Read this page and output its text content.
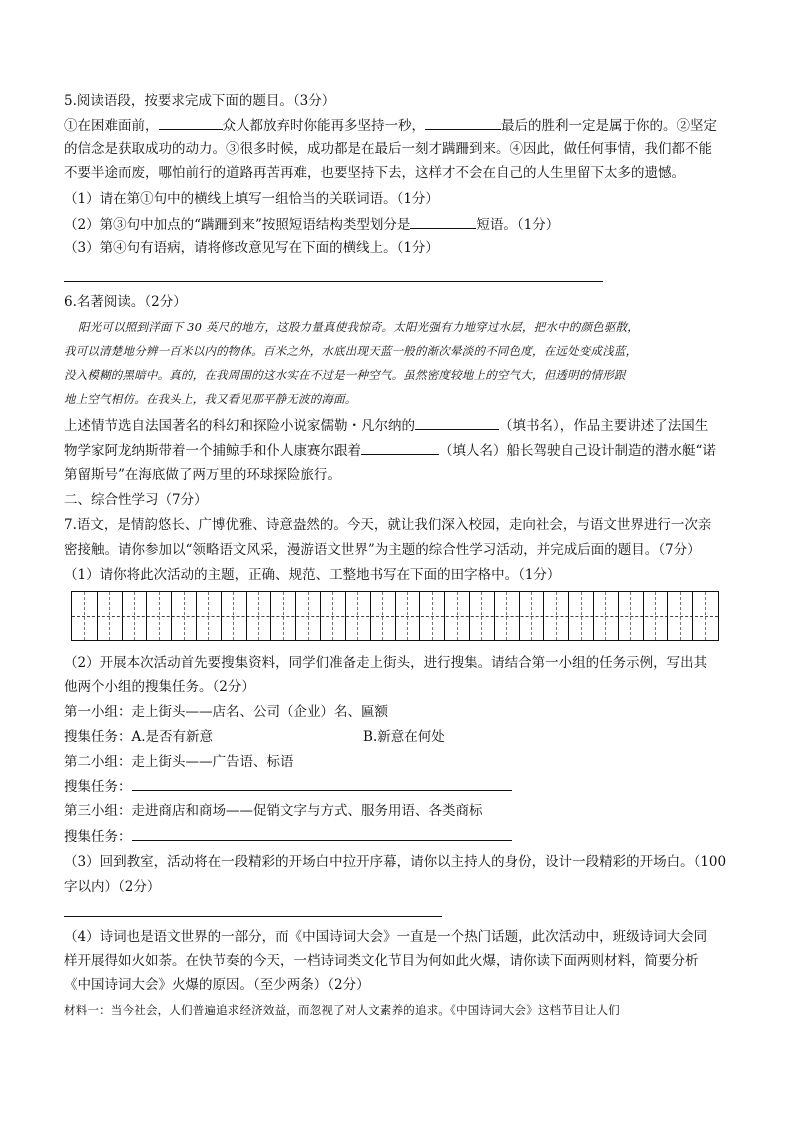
5.阅读语段，按要求完成下面的题目。（3分）
①在困难面前，	众人都放弃时你能再多坚持一秒，	最后的胜利一定是属于你的。②坚定
的信念是获取成功的动力。③很多时候，成功都是在最后一刻才蹒跚到来。④因此，做任何事情，我们都不能
不要半途而废，哪怕前行的道路再苦再难，也要坚持下去，这样才不会在自己的人生里留下太多的遗憾。
（1）请在第①句中的横线上填写一组恰当的关联词语。（1分）
（2）第③句中加点的“蹒跚到来”按照短语结构类型划分是	短语。（1分）
（3）第④句有语病，请将修改意见写在下面的横线上。（1分）
6.名著阅读。（2分）
阳光可以照到洋面下 30 英尺的地方，这股力量真使我惊奇。太阳光强有力地穿过水层，把水中的颜色驱散，
我可以清楚地分辨一百米以内的物体。百米之外，水底出现天蓝一般的渐次晕淡的不同色度，在远处变成浅蓝，
没入模糊的黑暗中。真的，在我周围的这水实在不过是一种空气。虽然密度较地上的空气大，但透明的情形跟
地上空气相仿。在我头上，我又看见那平静无波的海面。
上述情节选自法国著名的科幻和探险小说家儒勒・凡尔纳的	（填书名），作品主要讲述了法国生
物学家阿龙纳斯带着一个捕鲸手和仆人康赛尔跟着	（填人名）船长驾驶自己设计制造的潜水艇“诺
第留斯号”在海底做了两万里的环球探险旅行。
二、综合性学习（7分）
7.语文，是情韵悠长、广博优雅、诗意盎然的。今天，就让我们深入校园，走向社会，与语文世界进行一次亲
密接触。请你参加以“领略语文风采，漫游语文世界”为主题的综合性学习活动，并完成后面的题目。（7分）
（1）请你将此次活动的主题，正确、规范、工整地书写在下面的田字格中。（1分）
（2）开展本次活动首先要搜集资料，同学们准备走上街头，进行搜集。请结合第一小组的任务示例，写出其
他两个小组的搜集任务。（2分）
第一小组：走上街头——店名、公司（企业）名、匾额
搜集任务：A.是否有新意	B.新意在何处
第二小组：走上街头——广告语、标语
搜集任务：
第三小组：走进商店和商场——促销文字与方式、服务用语、各类商标
搜集任务：
（3）回到教室，活动将在一段精彩的开场白中拉开序幕，请你以主持人的身份，设计一段精彩的开场白。（100
字以内）（2分）
（4）诗词也是语文世界的一部分，而《中国诗词大会》一直是一个热门话题，此次活动中，班级诗词大会同
样开展得如火如荼。在快节奏的今天，一档诗词类文化节目为何如此火爆，请你读下面两则材料，简要分析
《中国诗词大会》火爆的原因。（至少两条）（2分）
材料一：当今社会，人们普遍追求经济效益，而忽视了对人文素养的追求。《中国诗词大会》这档节目让人们
